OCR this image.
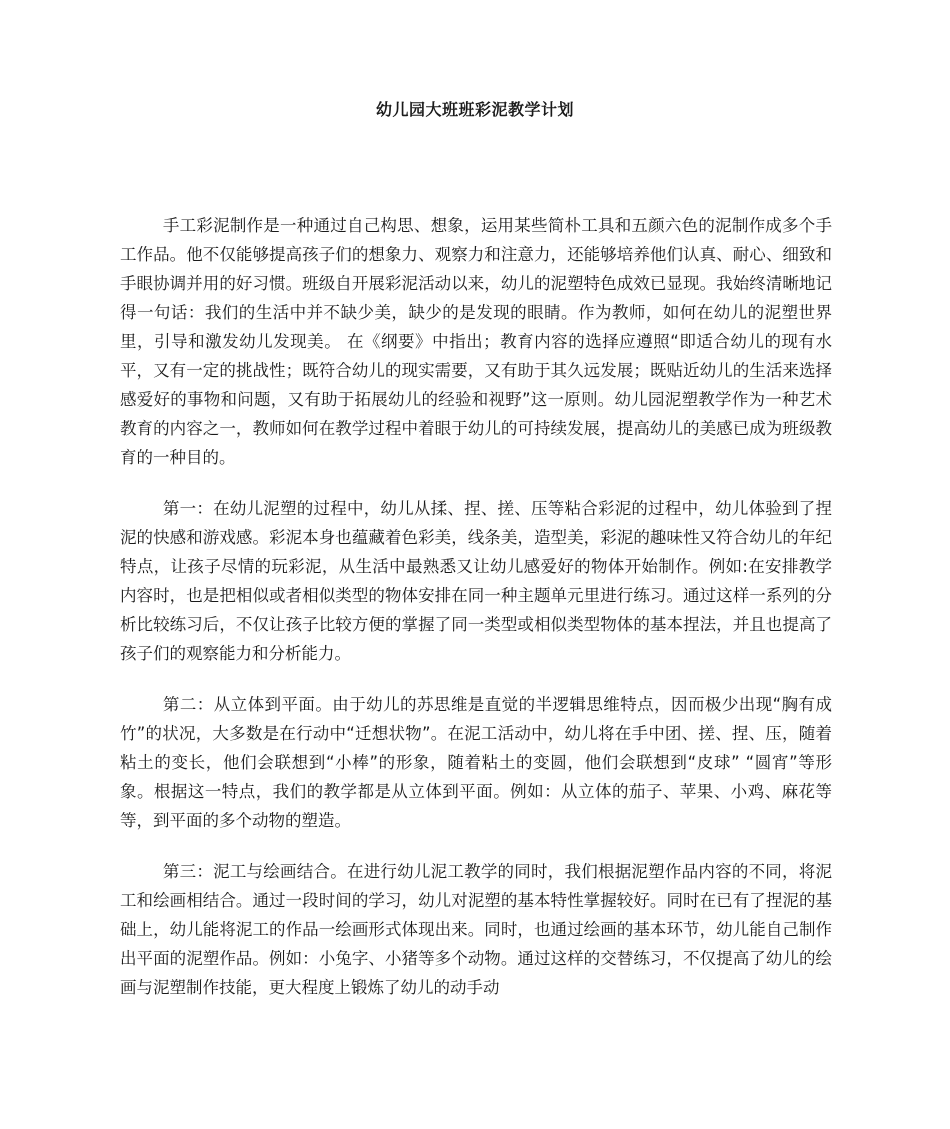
幼儿园大班班彩泥教学计划

手工彩泥制作是一种通过自己构思、想象，运用某些简朴工具和五颜六色的泥制作成多个手工作品。他不仅能够提高孩子们的想象力、观察力和注意力，还能够培养他们认真、耐心、细致和手眼协调并用的好习惯。班级自开展彩泥活动以来，幼儿的泥塑特色成效已显现。我始终清晰地记得一句话：我们的生活中并不缺少美，缺少的是发现的眼睛。作为教师，如何在幼儿的泥塑世界里，引导和激发幼儿发现美。 在《纲要》中指出；教育内容的选择应遵照“即适合幼儿的现有水平，又有一定的挑战性；既符合幼儿的现实需要，又有助于其久远发展；既贴近幼儿的生活来选择感爱好的事物和问题，又有助于拓展幼儿的经验和视野”这一原则。幼儿园泥塑教学作为一种艺术教育的内容之一，教师如何在教学过程中着眼于幼儿的可持续发展，提高幼儿的美感已成为班级教育的一种目的。

第一：在幼儿泥塑的过程中，幼儿从揉、捏、搓、压等粘合彩泥的过程中，幼儿体验到了捏泥的快感和游戏感。彩泥本身也蕴藏着色彩美，线条美，造型美，彩泥的趣味性又符合幼儿的年纪特点，让孩子尽情的玩彩泥，从生活中最熟悉又让幼儿感爱好的物体开始制作。例如:在安排教学内容时，也是把相似或者相似类型的物体安排在同一种主题单元里进行练习。通过这样一系列的分析比较练习后，不仅让孩子比较方便的掌握了同一类型或相似类型物体的基本捏法，并且也提高了孩子们的观察能力和分析能力。

第二：从立体到平面。由于幼儿的苏思维是直觉的半逻辑思维特点，因而极少出现“胸有成竹”的状况，大多数是在行动中“迁想状物”。在泥工活动中，幼儿将在手中团、搓、捏、压，随着粘土的变长，他们会联想到“小棒”的形象，随着粘土的变圆，他们会联想到“皮球” “圆宵”等形象。根据这一特点，我们的教学都是从立体到平面。例如：从立体的茄子、苹果、小鸡、麻花等等，到平面的多个动物的塑造。

第三：泥工与绘画结合。在进行幼儿泥工教学的同时，我们根据泥塑作品内容的不同，将泥工和绘画相结合。通过一段时间的学习，幼儿对泥塑的基本特性掌握较好。同时在已有了捏泥的基础上，幼儿能将泥工的作品一绘画形式体现出来。同时，也通过绘画的基本环节，幼儿能自己制作出平面的泥塑作品。例如：小兔字、小猪等多个动物。通过这样的交替练习，不仅提高了幼儿的绘画与泥塑制作技能，更大程度上锻炼了幼儿的动手动
